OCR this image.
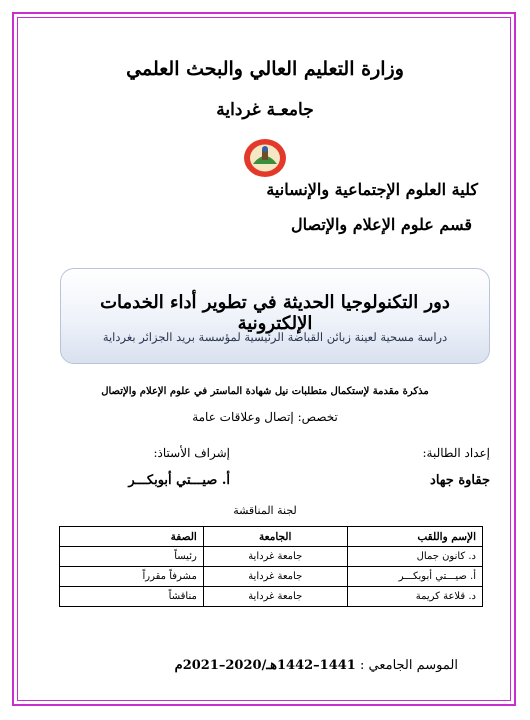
وزارة التعليم العالي والبحث العلمي
جامعـة غرداية
كلية العلوم الإجتماعية والإنسانية
قسم علوم الإعلام والإتصال
دور التكنولوجيا الحديثة في تطوير أداء الخدمات الإلكترونية
دراسة مسحية لعينة زبائن القباضة الرئيسية لمؤسسة بريد الجزائر بغرداية
مذكرة مقدمة لإستكمال متطلبات نيل شهادة الماستر في علوم الإعلام والإتصال
تخصص: إتصال وعلاقات عامة
إعداد الطالبة:
إشراف الأستاذ:
جقاوة جهاد
أ. صيـــتي أبوبكـــر
لجنة المناقشة
الإسم واللقب	الجامعة	الصفة
د. كانون جمال	جامعة غرداية	رئيساً
أ. صيـــتي أبوبكـــر	جامعة غرداية	مشرفاً مقرراً
د. قلاعة كريمة	جامعة غرداية	مناقشاً
الموسم الجامعي : 1441–1442هـ/2020–2021م
